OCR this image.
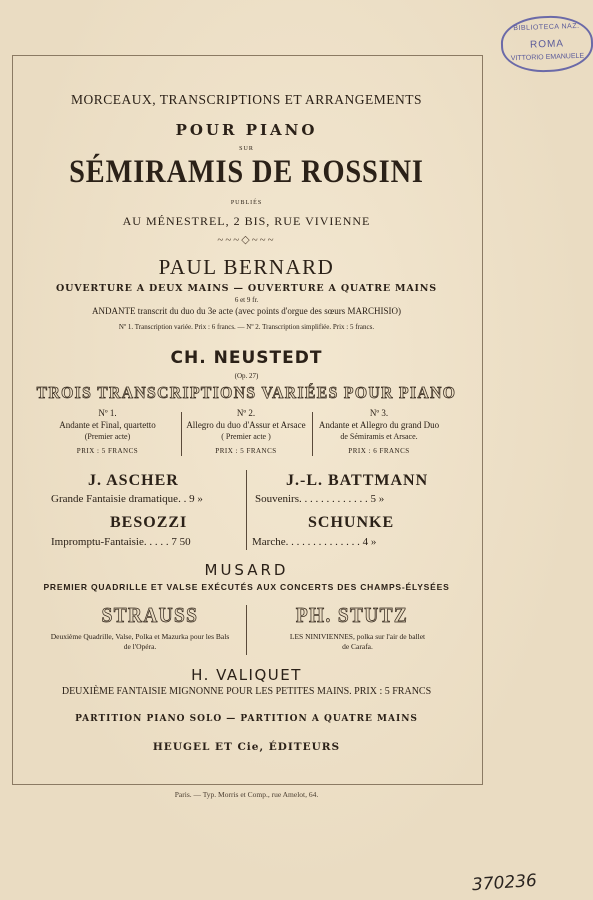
BIBLIOTECA NAZ.
ROMA
VITTORIO EMANUELE
MORCEAUX, TRANSCRIPTIONS ET ARRANGEMENTS
POUR PIANO
SUR
SÉMIRAMIS DE ROSSINI
PUBLIÉS
AU MÉNESTREL, 2 BIS, RUE VIVIENNE
~~~◇~~~
PAUL BERNARD
OUVERTURE A DEUX MAINS — OUVERTURE A QUATRE MAINS
6 et 9 fr.
ANDANTE transcrit du duo du 3e acte (avec points d'orgue des sœurs MARCHISIO)
Nº 1. Transcription variée. Prix : 6 francs. — Nº 2. Transcription simplifiée. Prix : 5 francs.
CH. NEUSTEDT
(Op. 27)
TROIS TRANSCRIPTIONS VARIÉES POUR PIANO
Nº 1.
Andante et Final, quartetto
(Premier acte)
PRIX : 5 FRANCS
Nº 2.
Allegro du duo d'Assur et Arsace
( Premier acte )
PRIX : 5 FRANCS
Nº 3.
Andante et Allegro du grand Duo
de Sémiramis et Arsace.
PRIX : 6 FRANCS
J. ASCHER	J.-L. BATTMANN
Grande Fantaisie dramatique. . 9 »	Souvenirs. . . . . . . . . . . . . 5 »
BESOZZI	SCHUNKE
Impromptu-Fantaisie. . . . . 7 50	Marche. . . . . . . . . . . . . . 4 »
MUSARD
PREMIER QUADRILLE ET VALSE EXÉCUTÉS AUX CONCERTS DES CHAMPS-ÉLYSÉES
STRAUSS	PH. STUTZ
Deuxième Quadrille, Valse, Polka et Mazurka pour les Bals
de l'Opéra.
LES NINIVIENNES, polka sur l'air de ballet
de Carafa.
H. VALIQUET
DEUXIÈME FANTAISIE MIGNONNE POUR LES PETITES MAINS. PRIX : 5 FRANCS
PARTITION PIANO SOLO — PARTITION A QUATRE MAINS
HEUGEL ET Cie, ÉDITEURS
Paris. — Typ. Morris et Comp., rue Amelot, 64.
370236
